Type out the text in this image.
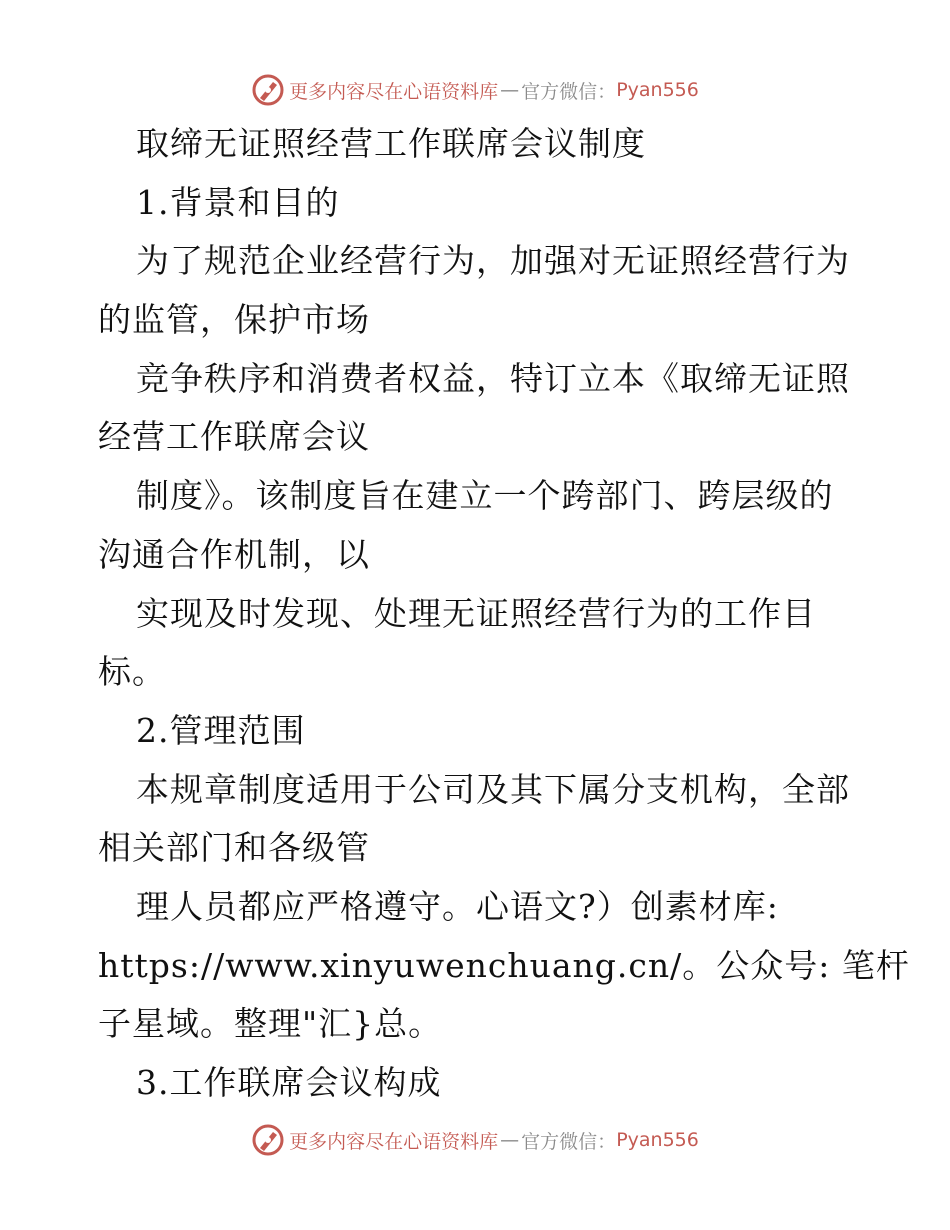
更多内容尽在心语资料库 — 官方微信： Pyan556
取缔无证照经营工作联席会议制度
1.背景和目的
为了规范企业经营行为，加强对无证照经营行为
的监管，保护市场
竞争秩序和消费者权益，特订立本《取缔无证照
经营工作联席会议
制度》。该制度旨在建立一个跨部门、跨层级的
沟通合作机制，以
实现及时发现、处理无证照经营行为的工作目
标。
2.管理范围
本规章制度适用于公司及其下属分支机构，全部
相关部门和各级管
理人员都应严格遵守。心语文?）创素材库:
https://www.xinyuwenchuang.cn/。公众号: 笔杆
子星域。整理"汇}总。
3.工作联席会议构成
更多内容尽在心语资料库 — 官方微信： Pyan556
